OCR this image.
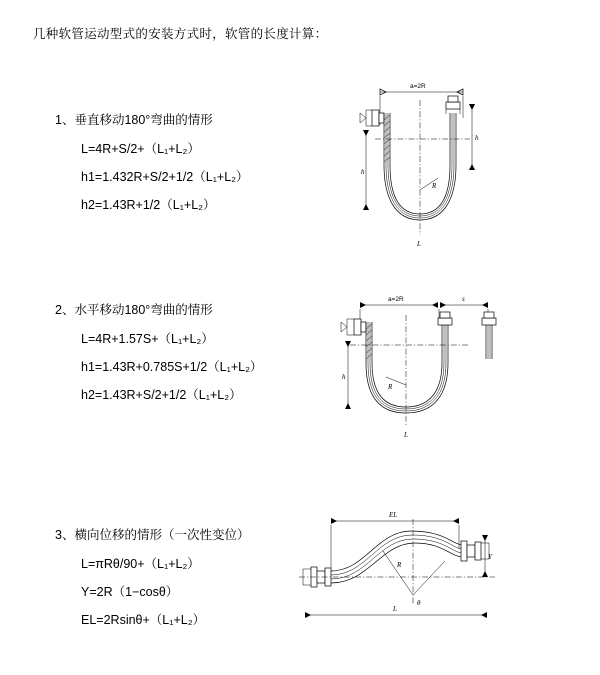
几种软管运动型式的安装方式时，软管的长度计算：
1、垂直移动180°弯曲的情形
L=4R+S/2+（L₁+L₂）
h1=1.432R+S/2+1/2（L₁+L₂）
h2=1.43R+1/2（L₁+L₂）
a=2R
R
h
h
L
2、水平移动180°弯曲的情形
L=4R+1.57S+（L₁+L₂）
h1=1.43R+0.785S+1/2（L₁+L₂）
h2=1.43R+S/2+1/2（L₁+L₂）
a=2R	s
R
h
L
3、横向位移的情形（一次性变位）
L=πRθ/90+（L₁+L₂）
Y=2R（1−cosθ）
EL=2Rsinθ+（L₁+L₂）
EL
R
θ
Y
L
